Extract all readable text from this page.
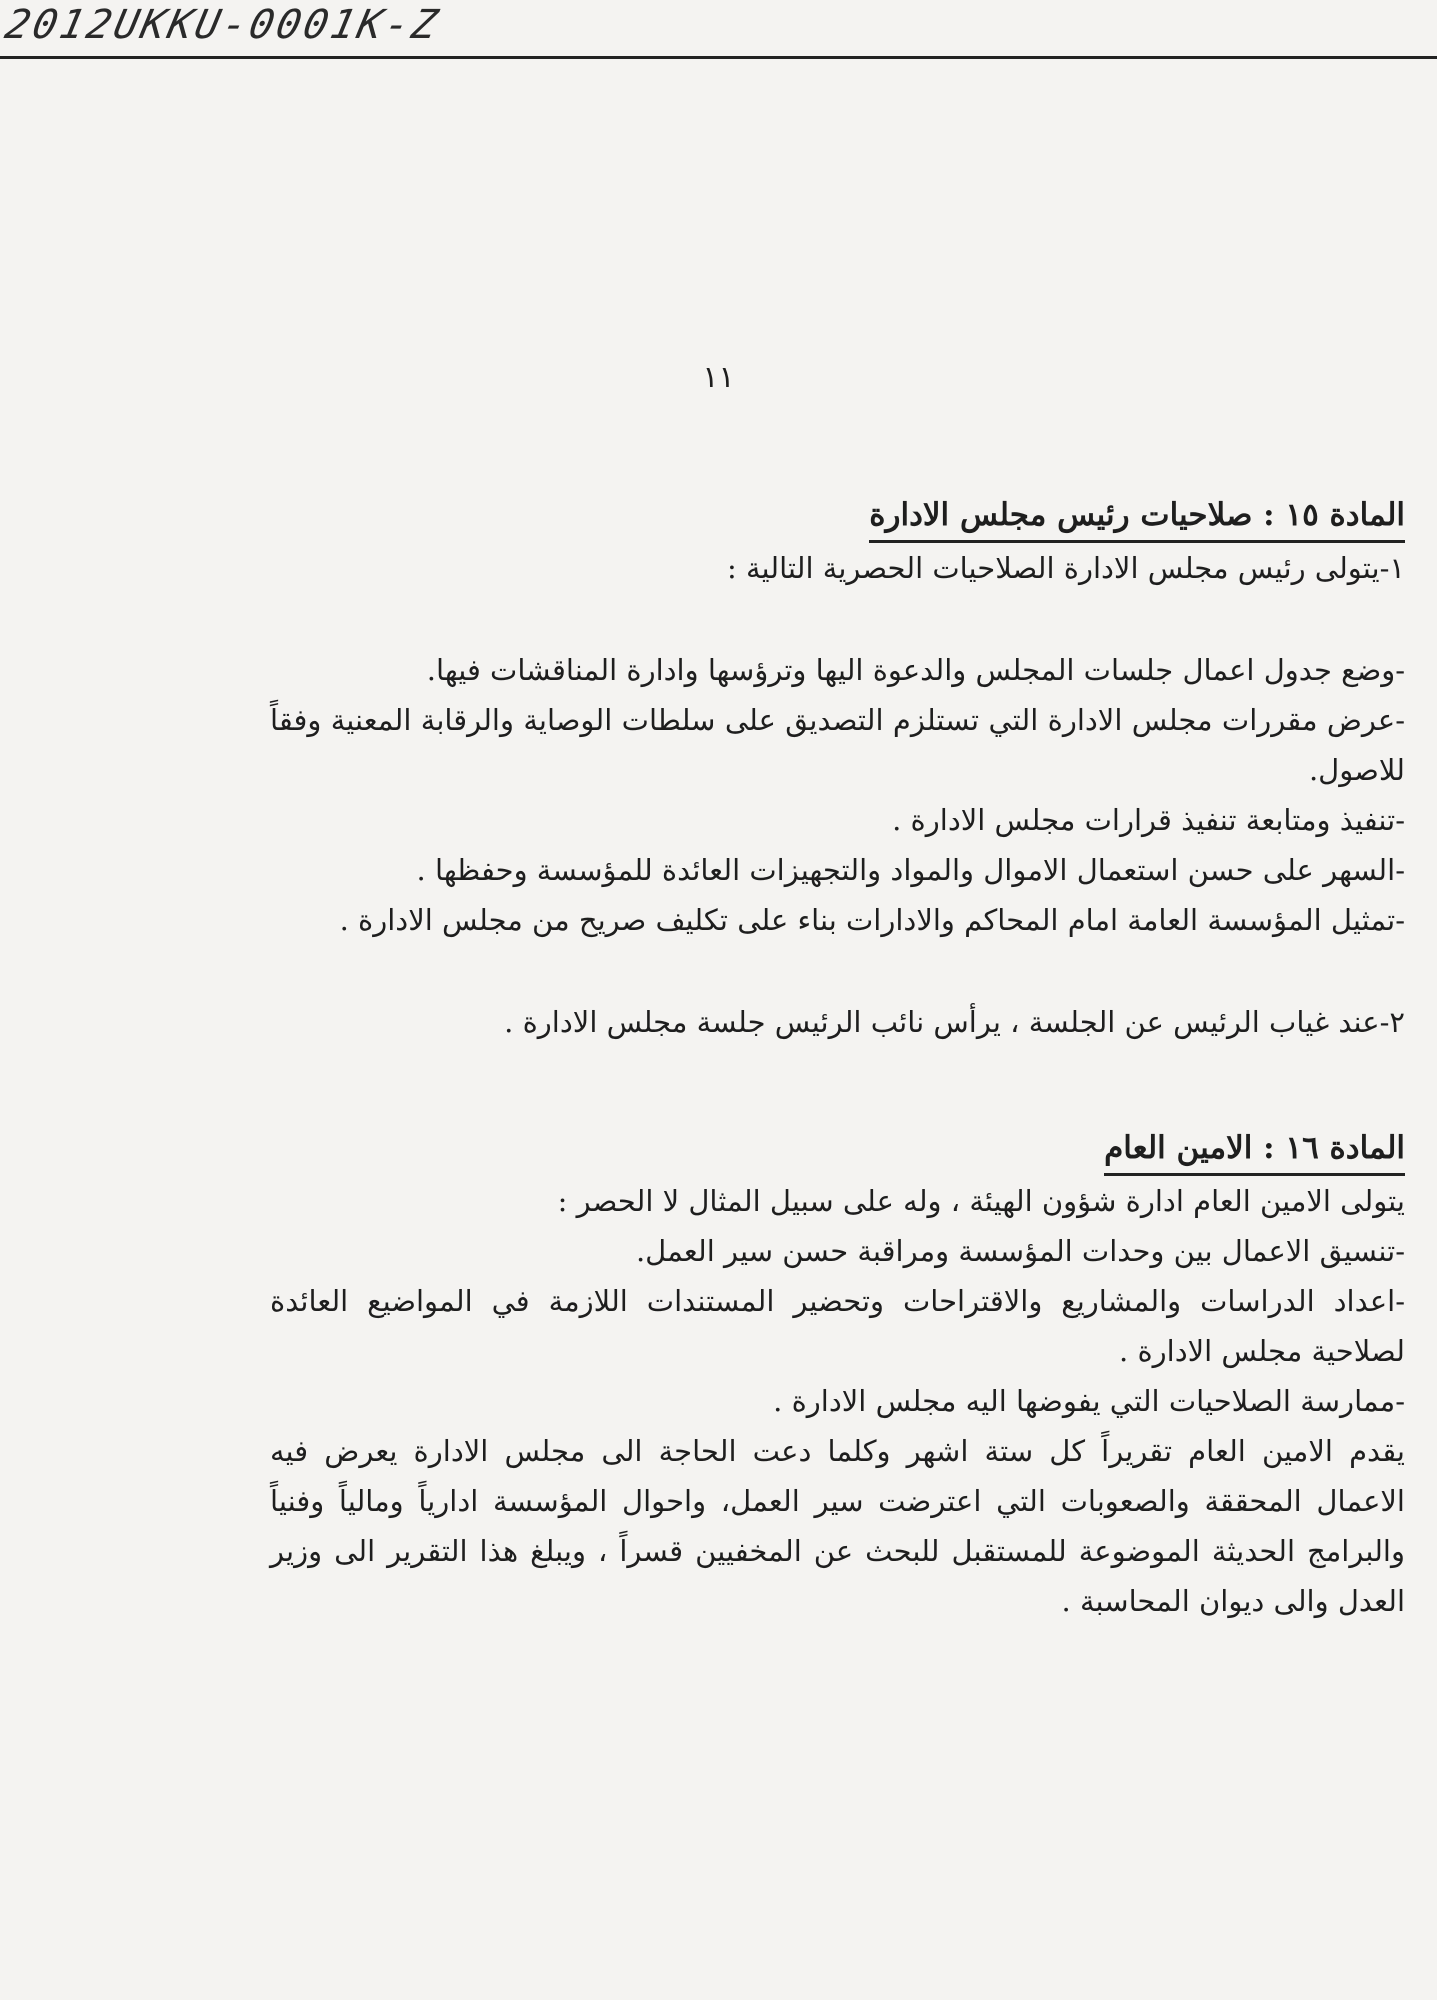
2012UKKU-0001K-Z
١١
المادة ١٥ : صلاحيات رئيس مجلس الادارة

١-يتولى رئيس مجلس الادارة الصلاحيات الحصرية التالية :

-وضع جدول اعمال جلسات المجلس والدعوة اليها وترؤسها وادارة المناقشات فيها.

-عرض مقررات مجلس الادارة التي تستلزم التصديق على سلطات الوصاية والرقابة المعنية وفقاً للاصول.

-تنفيذ ومتابعة تنفيذ قرارات مجلس الادارة .

-السهر على حسن استعمال الاموال والمواد والتجهيزات العائدة للمؤسسة وحفظها .

-تمثيل المؤسسة العامة امام المحاكم والادارات بناء على تكليف صريح من مجلس الادارة .

٢-عند غياب الرئيس عن الجلسة ، يرأس نائب الرئيس جلسة مجلس الادارة .

المادة ١٦ : الامين العام

يتولى الامين العام ادارة شؤون الهيئة ، وله على سبيل المثال لا الحصر :

-تنسيق الاعمال بين وحدات المؤسسة ومراقبة حسن سير العمل.

-اعداد الدراسات والمشاريع والاقتراحات وتحضير المستندات اللازمة في المواضيع العائدة لصلاحية مجلس الادارة .

-ممارسة الصلاحيات التي يفوضها اليه مجلس الادارة .

يقدم الامين العام تقريراً كل ستة اشهر وكلما دعت الحاجة الى مجلس الادارة يعرض فيه الاعمال المحققة والصعوبات التي اعترضت سير العمل، واحوال المؤسسة ادارياً ومالياً وفنياً والبرامج الحديثة الموضوعة للمستقبل للبحث عن المخفيين قسراً ، ويبلغ هذا التقرير الى وزير العدل والى ديوان المحاسبة .
